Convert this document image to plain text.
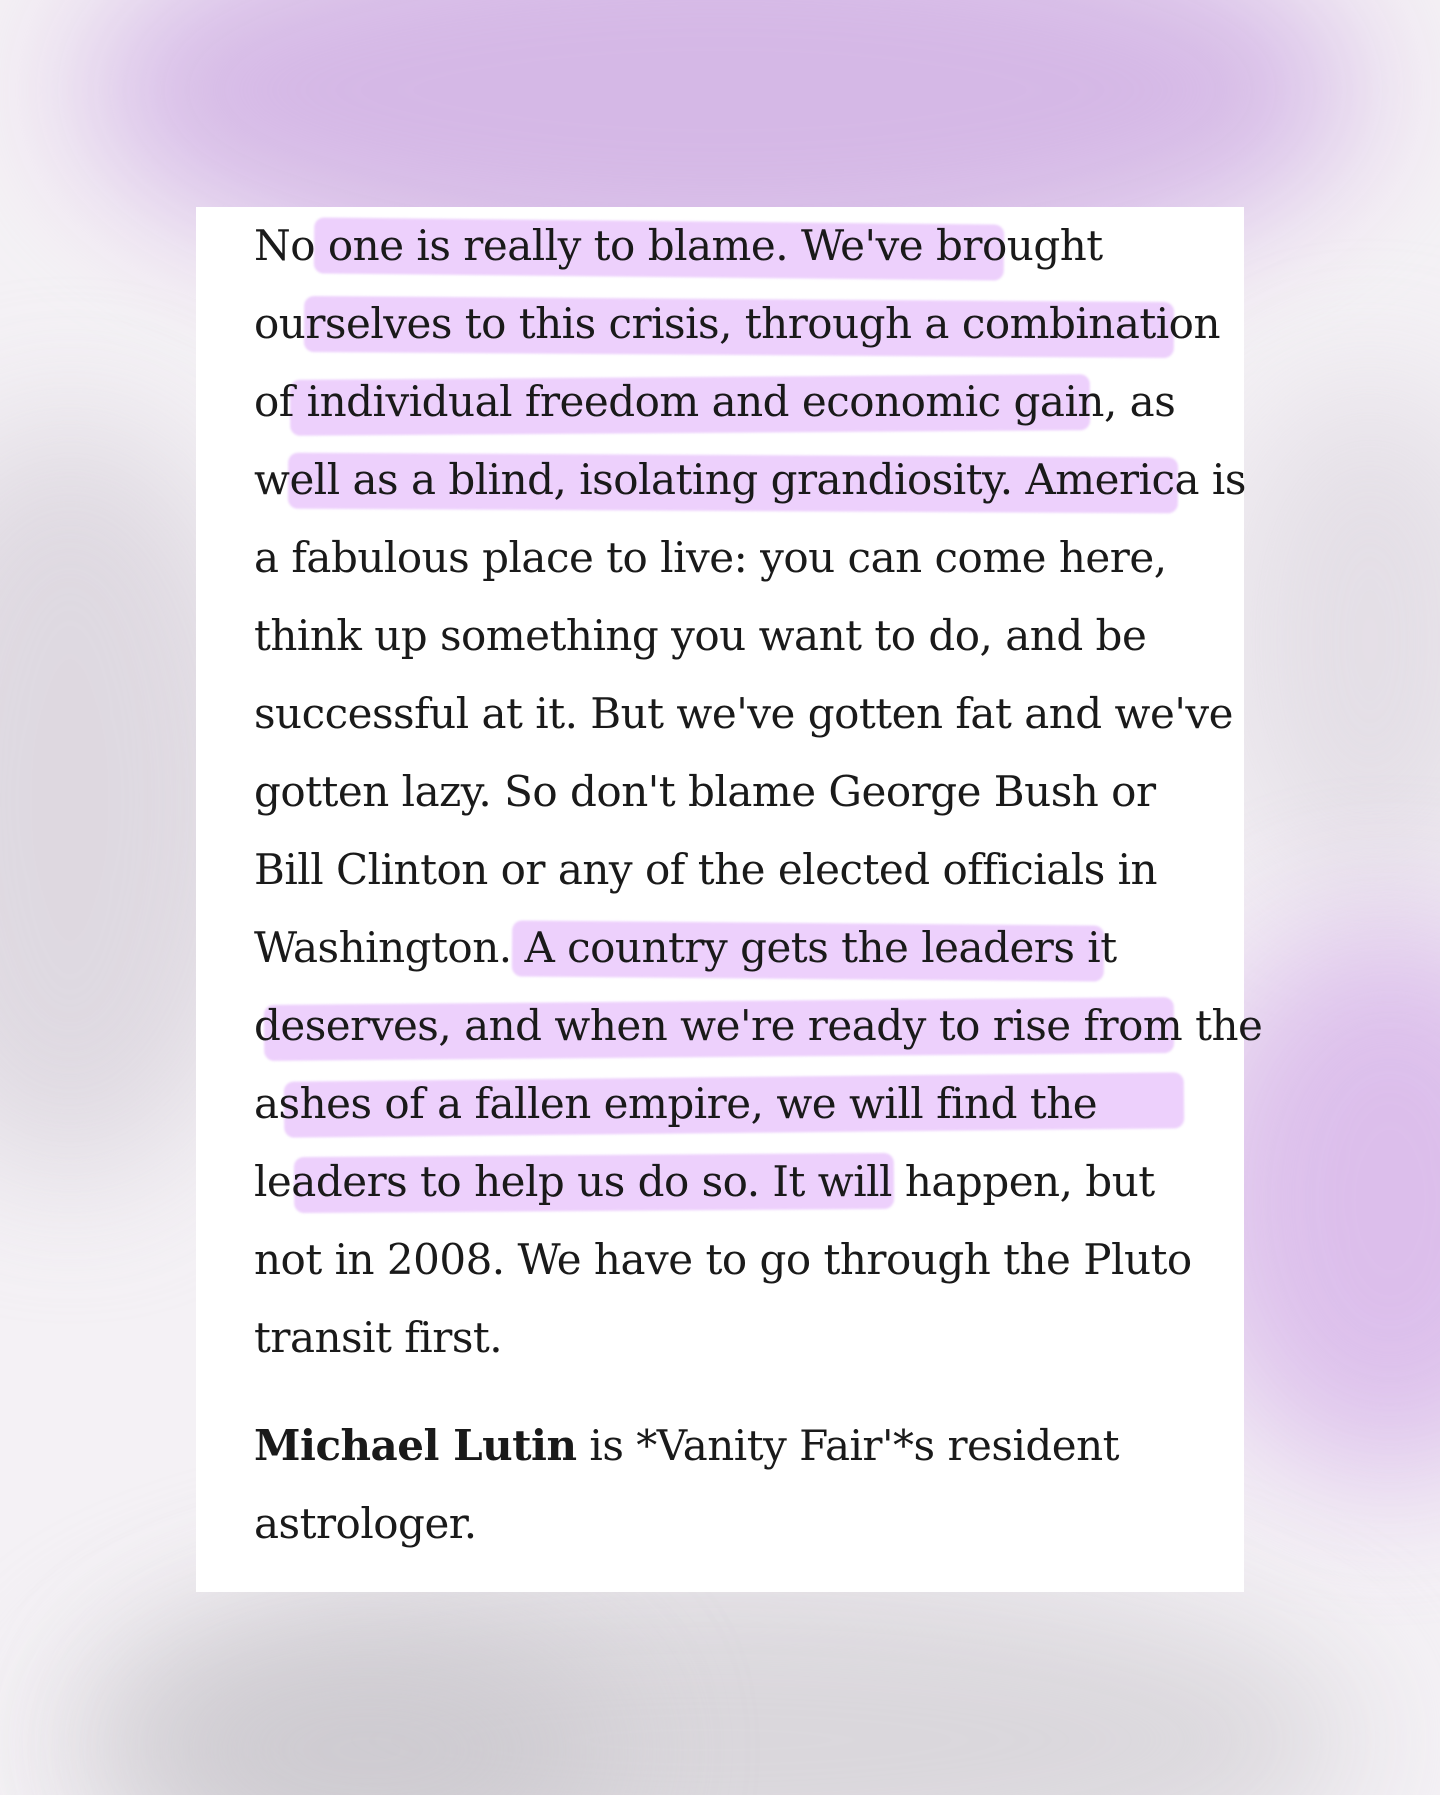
No one is really to blame. We've brought
ourselves to this crisis, through a combination
of individual freedom and economic gain, as
well as a blind, isolating grandiosity. America is
a fabulous place to live: you can come here,
think up something you want to do, and be
successful at it. But we've gotten fat and we've
gotten lazy. So don't blame George Bush or
Bill Clinton or any of the elected officials in
Washington. A country gets the leaders it
deserves, and when we're ready to rise from the
ashes of a fallen empire, we will find the
leaders to help us do so. It will happen, but
not in 2008. We have to go through the Pluto
transit first.
Michael Lutin is *Vanity Fair'*s resident
astrologer.
